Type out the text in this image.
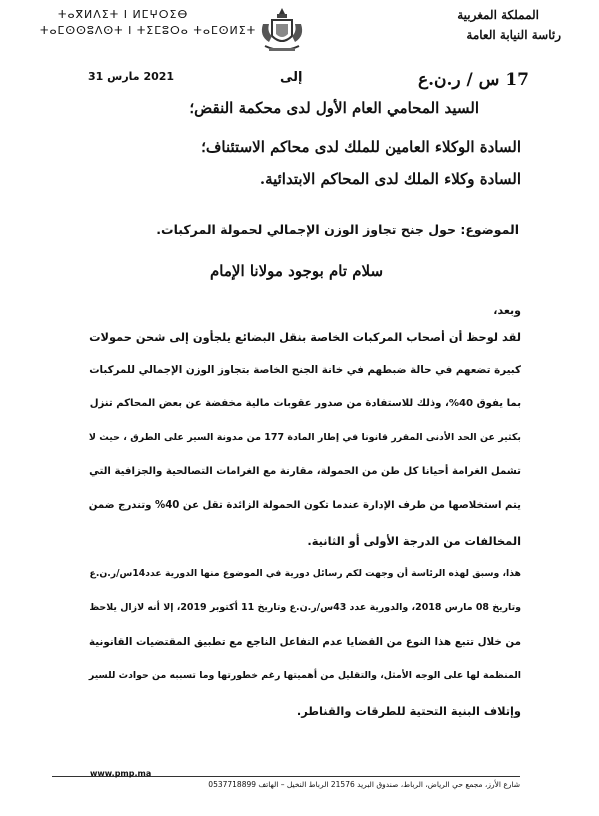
ⵜⴰⴳⵍⴷⵉⵜ ⵏ ⵍⵎⵖⵔⵉⴱ
ⵜⴰⵎⵙⵙⵓⴷⵙⵜ ⵏ ⵜⵉⵎⵓⵔⴰ ⵜⴰⵎⵙⵍⵉⵜ
المملكة المغربية
رئاسة النيابة العامة
17 س / ر.ن.ع
إلى
2021 مارس 31
السيد المحامي العام الأول لدى محكمة النقض؛
السادة الوكلاء العامين للملك لدى محاكم الاستئناف؛
السادة وكلاء الملك لدى المحاكم الابتدائية.
الموضوع: حول جنح تجاوز الوزن الإجمالي لحمولة المركبات.
سلام تام بوجود مولانا الإمام
وبعد،
لقد لوحظ أن أصحاب المركبات الخاصة بنقل البضائع يلجأون إلى شحن حمولات
كبيرة تضعهم في حالة ضبطهم في خانة الجنح الخاصة بتجاوز الوزن الإجمالي للمركبات
بما يفوق 40%، وذلك للاستفادة من صدور عقوبات مالية مخفضة عن بعض المحاكم تنزل
بكثير عن الحد الأدنى المقرر قانونا في إطار المادة 177 من مدونة السير على الطرق ، حيث لا
تشمل الغرامة أحيانا كل طن من الحمولة، مقارنة مع الغرامات التصالحية والجزافية التي
يتم استخلاصها من طرف الإدارة عندما تكون الحمولة الزائدة تقل عن 40% وتندرج ضمن
المخالفات من الدرجة الأولى أو الثانية.
هذا، وسبق لهذه الرئاسة أن وجهت لكم رسائل دورية في الموضوع منها الدورية عدد14س/ر.ن.ع
وتاريخ 08 مارس 2018، والدورية عدد 43س/ر.ن.ع وتاريخ 11 أكتوبر 2019، إلا أنه لازال يلاحظ
من خلال تتبع هذا النوع من القضايا عدم التفاعل الناجع مع تطبيق المقتضيات القانونية
المنظمة لها على الوجه الأمثل، والتقليل من أهميتها رغم خطورتها وما تسببه من حوادث للسير
وإتلاف البنية التحتية للطرقات والقناطر.
www.pmp.ma
شارع الأرز، مجمع حي الرياض، الرباط، صندوق البريد 21576 الرباط النخيل – الهاتف 0537718899
